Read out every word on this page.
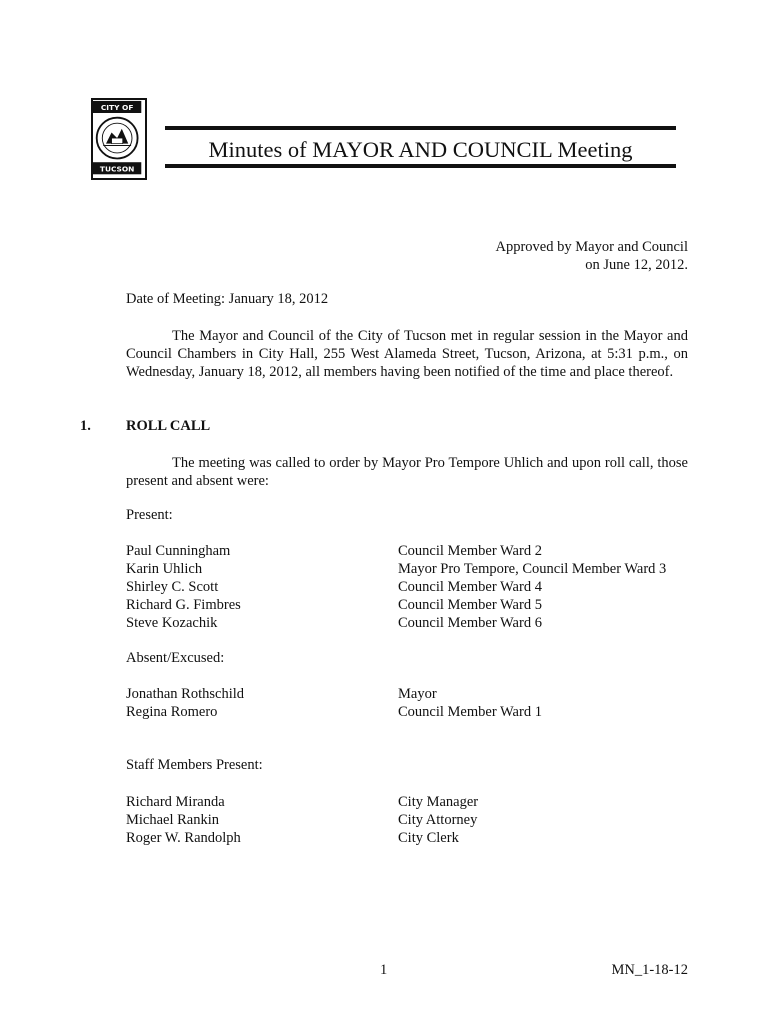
CITY OF
TUCSON
Minutes of MAYOR AND COUNCIL Meeting
Approved by Mayor and Council
on June 12, 2012.
Date of Meeting: January 18, 2012
The Mayor and Council of the City of Tucson met in regular session in the Mayor and Council Chambers in City Hall, 255 West Alameda Street, Tucson, Arizona, at 5:31 p.m., on Wednesday, January 18, 2012, all members having been notified of the time and place thereof.
1. ROLL CALL
The meeting was called to order by Mayor Pro Tempore Uhlich and upon roll call, those present and absent were:
Present:
Paul Cunningham
Karin Uhlich
Shirley C. Scott
Richard G. Fimbres
Steve Kozachik
Council Member Ward 2
Mayor Pro Tempore, Council Member Ward 3
Council Member Ward 4
Council Member Ward 5
Council Member Ward 6
Absent/Excused:
Jonathan Rothschild
Regina Romero
Mayor
Council Member Ward 1
Staff Members Present:
Richard Miranda
Michael Rankin
Roger W. Randolph
City Manager
City Attorney
City Clerk
1	MN_1-18-12
